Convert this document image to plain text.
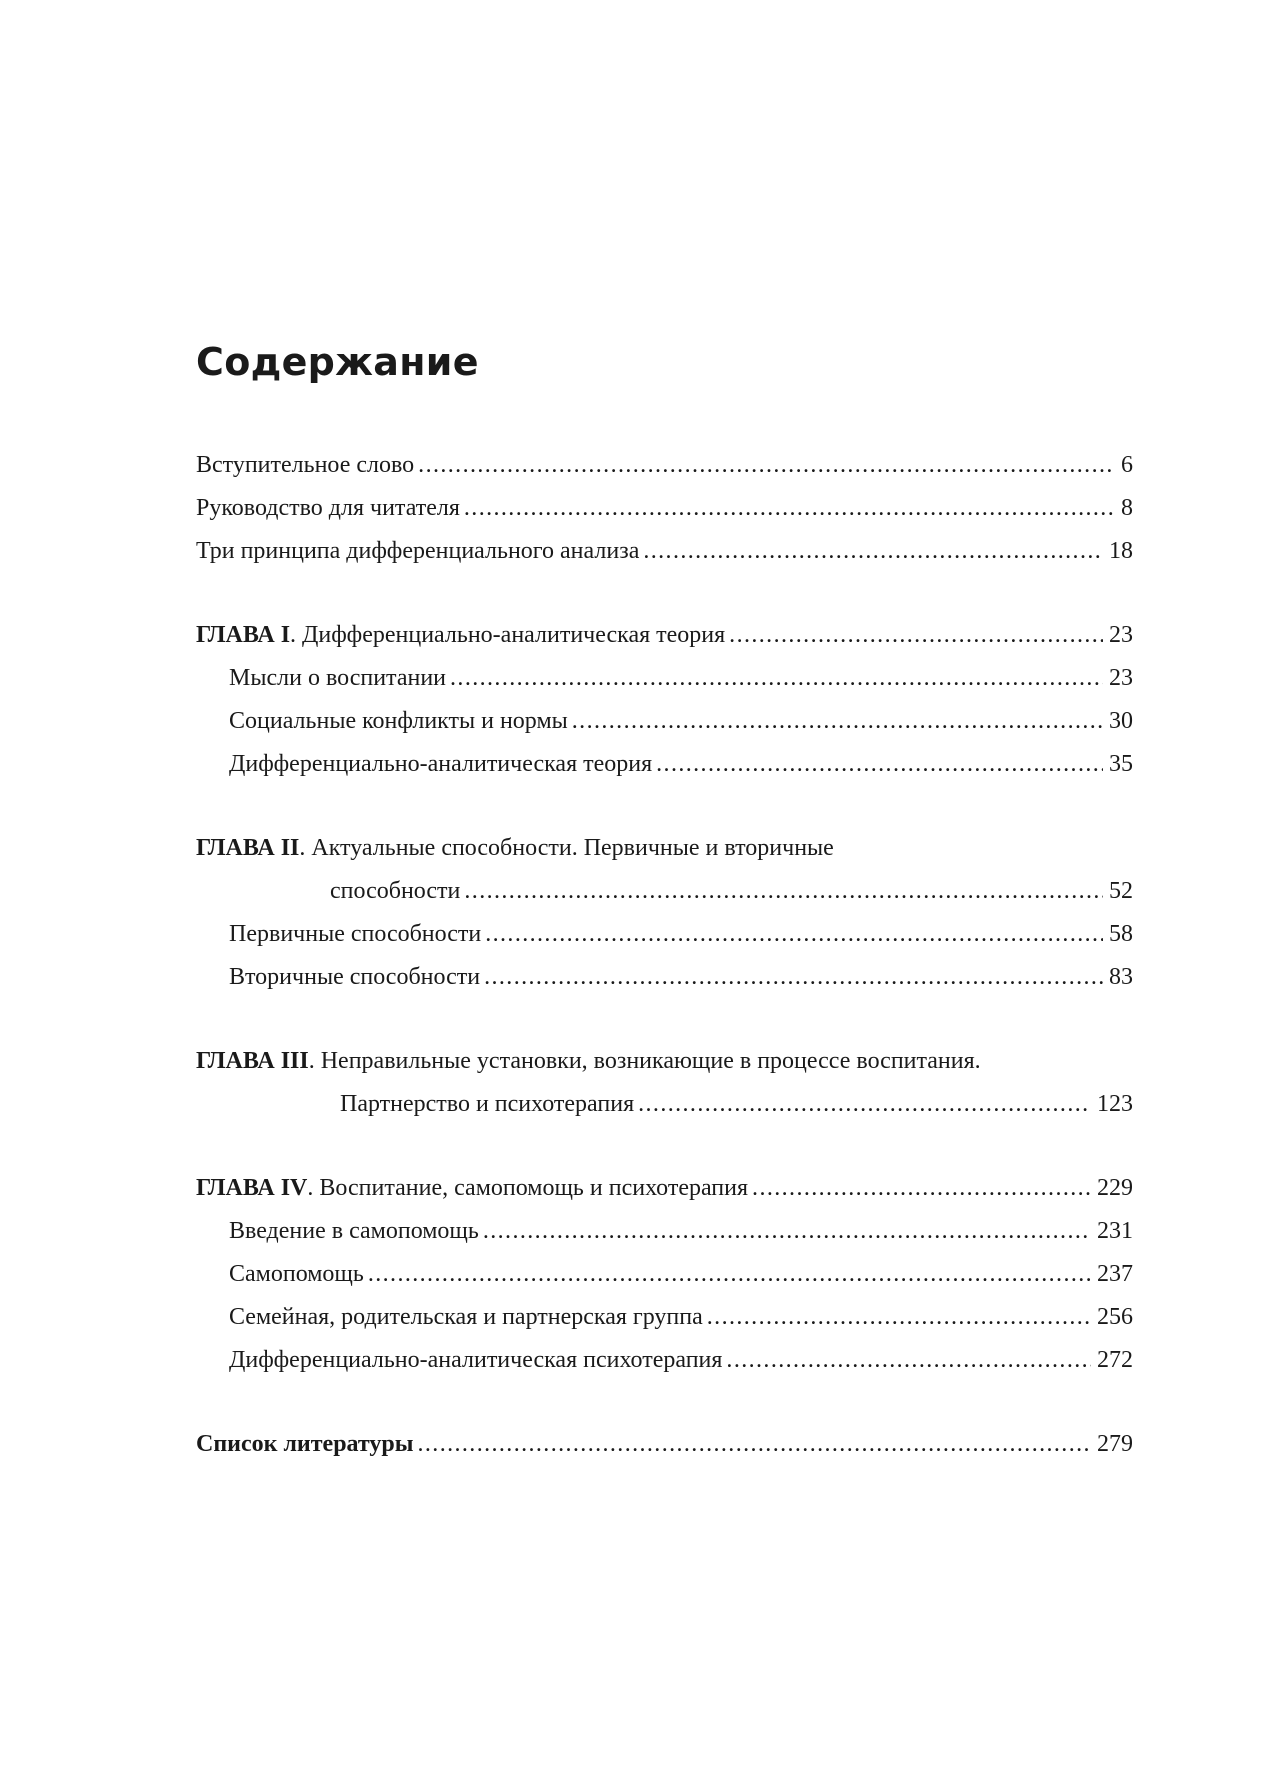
Содержание
Вступительное слово . . .	6
Руководство для читателя . . .	8
Три принципа дифференциального анализа . . .	18
ГЛАВА I. Дифференциально-аналитическая теория . . .	23
Мысли о воспитании . . .	23
Социальные конфликты и нормы . . .	30
Дифференциально-аналитическая теория . . .	35
ГЛАВА II. Актуальные способности. Первичные и вторичные
способности . . .	52
Первичные способности . . .	58
Вторичные способности . . .	83
ГЛАВА III. Неправильные установки, возникающие в процессе воспитания.
Партнерство и психотерапия . . .	123
ГЛАВА IV. Воспитание, самопомощь и психотерапия . . .	229
Введение в самопомощь . . .	231
Самопомощь . . .	237
Семейная, родительская и партнерская группа . . .	256
Дифференциально-аналитическая психотерапия . . .	272
Список литературы . . .	279
